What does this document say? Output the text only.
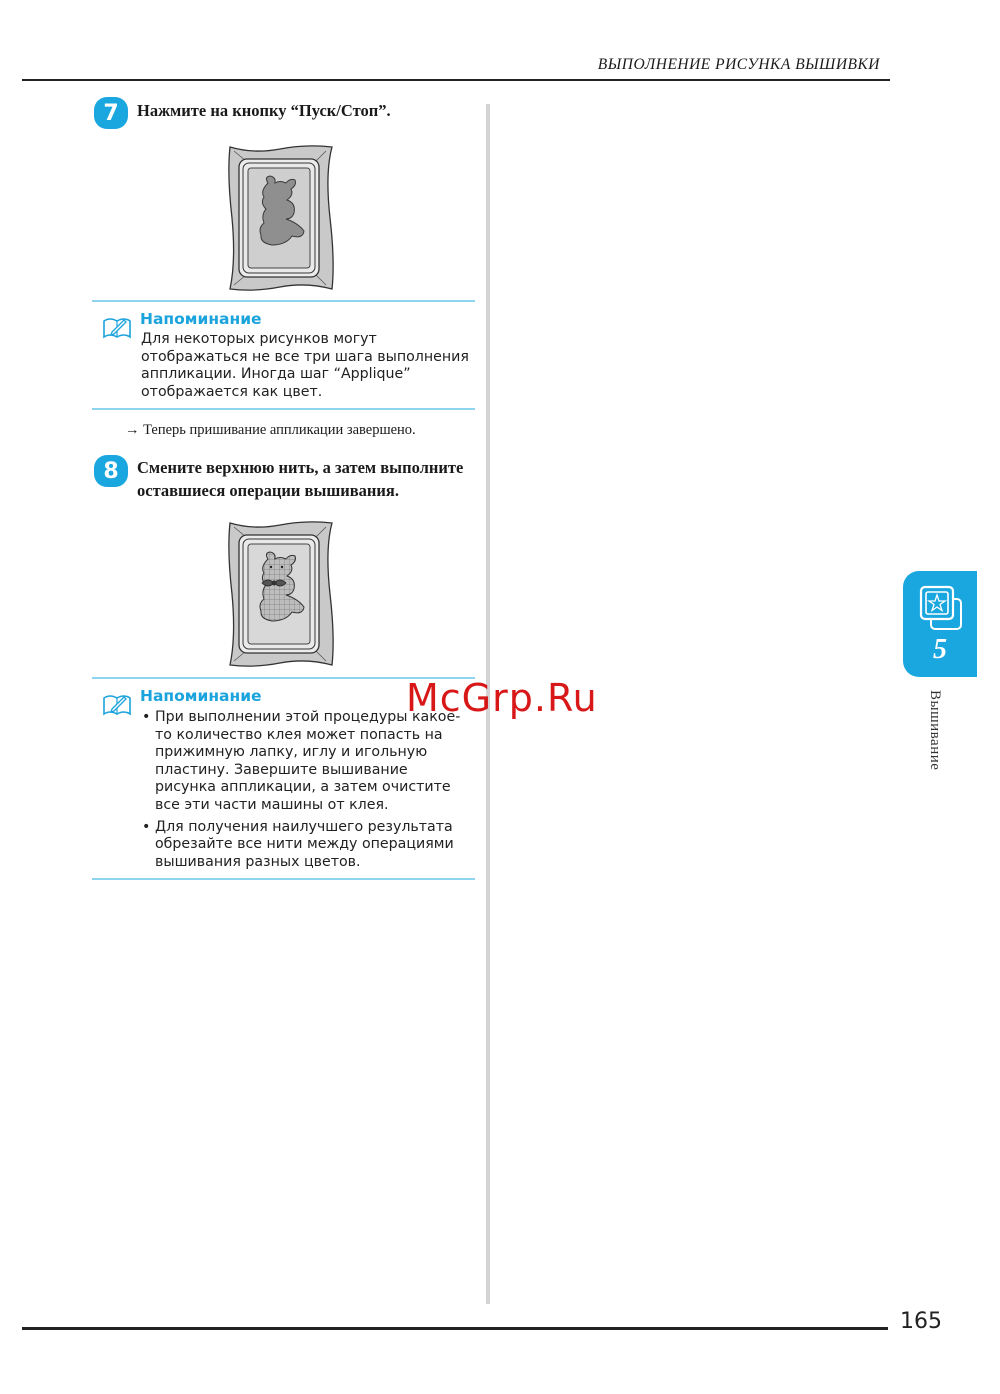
ВЫПОЛНЕНИЕ РИСУНКА ВЫШИВКИ
7	Нажмите на кнопку “Пуск/Стоп”.
Напоминание
Для некоторых рисунков могут отображаться не все три шага выполнения аппликации. Иногда шаг “Applique” отображается как цвет.
→ Теперь пришивание аппликации завершено.
8	Смените верхнюю нить, а затем выполните
оставшиеся операции вышивания.
Напоминание
• При выполнении этой процедуры какое-то количество клея может попасть на прижимную лапку, иглу и игольную пластину. Завершите вышивание рисунка аппликации, а затем очистите все эти части машины от клея.
• Для получения наилучшего результата обрезайте все нити между операциями вышивания разных цветов.
5
Вышивание
165
McGrp.Ru
